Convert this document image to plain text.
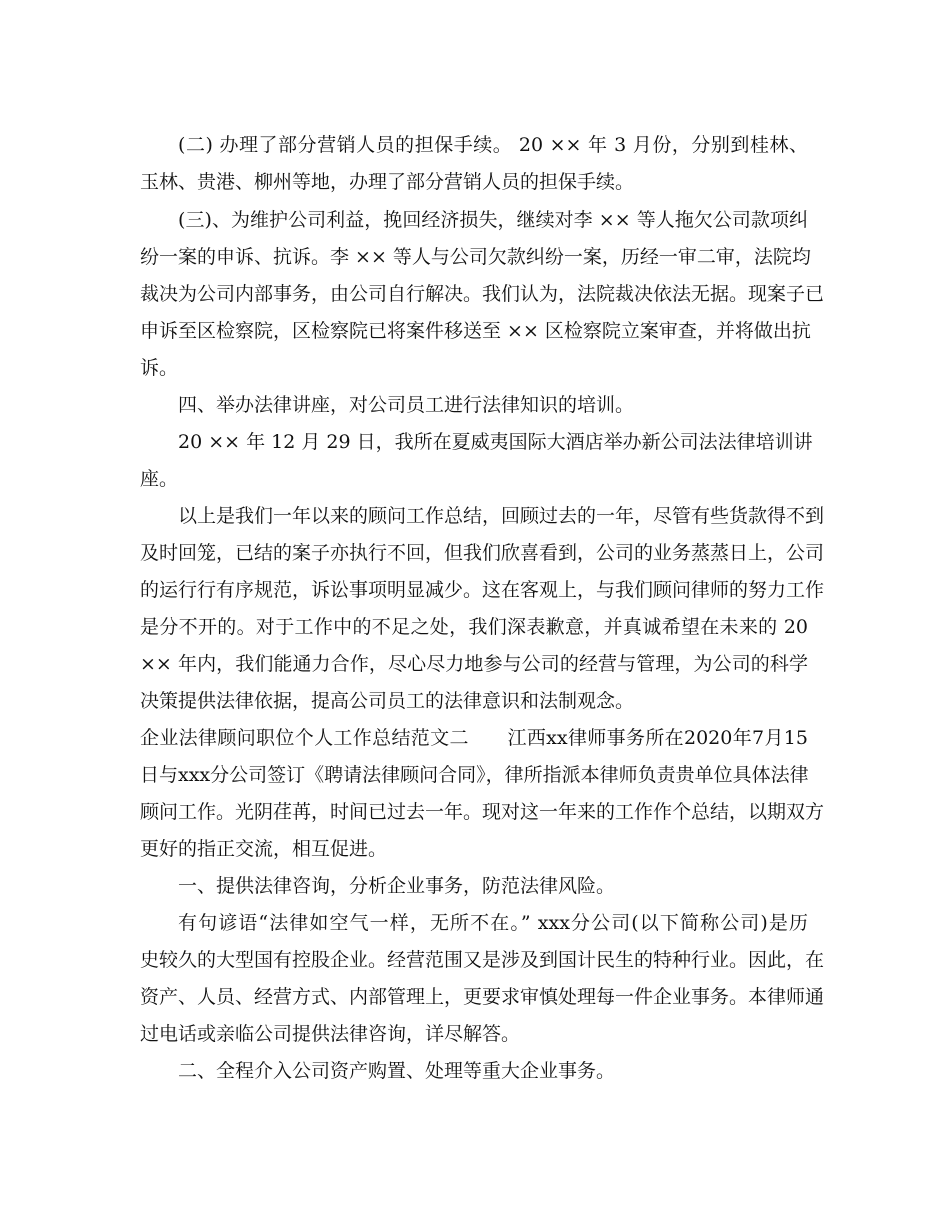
(二) 办理了部分营销人员的担保手续。 20 ×× 年 3 月份，分别到桂林、
玉林、贵港、柳州等地，办理了部分营销人员的担保手续。
(三)、为维护公司利益，挽回经济损失，继续对李 ×× 等人拖欠公司款项纠
纷一案的申诉、抗诉。李 ×× 等人与公司欠款纠纷一案，历经一审二审，法院均
裁决为公司内部事务，由公司自行解决。我们认为，法院裁决依法无据。现案子已
申诉至区检察院，区检察院已将案件移送至 ×× 区检察院立案审查，并将做出抗
诉。
四、举办法律讲座，对公司员工进行法律知识的培训。
20 ×× 年 12 月 29 日，我所在夏威夷国际大酒店举办新公司法法律培训讲
座。
以上是我们一年以来的顾问工作总结，回顾过去的一年，尽管有些货款得不到
及时回笼，已结的案子亦执行不回，但我们欣喜看到，公司的业务蒸蒸日上，公司
的运行行有序规范，诉讼事项明显减少。这在客观上，与我们顾问律师的努力工作
是分不开的。对于工作中的不足之处，我们深表歉意，并真诚希望在未来的 20
×× 年内，我们能通力合作，尽心尽力地参与公司的经营与管理，为公司的科学
决策提供法律依据，提高公司员工的法律意识和法制观念。
企业法律顾问职位个人工作总结范文二　　江西xx律师事务所在2020年7月15
日与xxx分公司签订《聘请法律顾问合同》，律所指派本律师负责贵单位具体法律
顾问工作。光阴荏苒，时间已过去一年。现对这一年来的工作作个总结，以期双方
更好的指正交流，相互促进。
一、提供法律咨询，分析企业事务，防范法律风险。
有句谚语“法律如空气一样，无所不在。” xxx分公司(以下简称公司)是历
史较久的大型国有控股企业。经营范围又是涉及到国计民生的特种行业。因此，在
资产、人员、经营方式、内部管理上，更要求审慎处理每一件企业事务。本律师通
过电话或亲临公司提供法律咨询，详尽解答。
二、全程介入公司资产购置、处理等重大企业事务。
